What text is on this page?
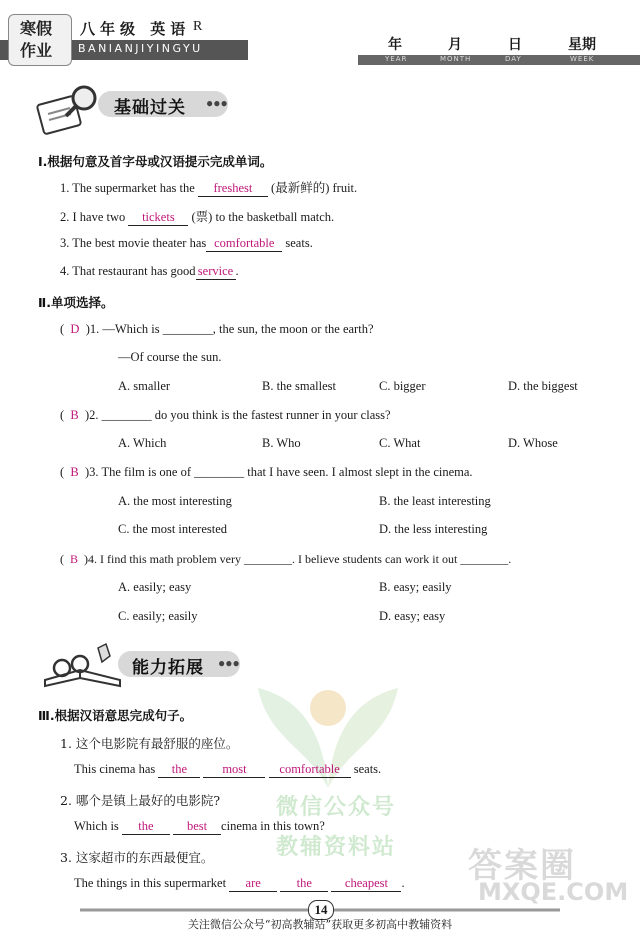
寒假
作业
八年级 英语 R
BANIANJIYINGYU	年	月	日	星期
YEAR	MONTH	DAY	WEEK
基础过关 ●●●
Ⅰ.根据句意及首字母或汉语提示完成单词。
1. The supermarket has the freshest (最新鲜的) fruit.
2. I have two tickets (票) to the basketball match.
3. The best movie theater has comfortable seats.
4. That restaurant has good service .
Ⅱ.单项选择。
(  D )1. —Which is ________, the sun, the moon or the earth?
—Of course the sun.
A. smaller	B. the smallest	C. bigger	D. the biggest
(  B )2. ________ do you think is the fastest runner in your class?
A. Which	B. Who	C. What	D. Whose
(  B )3. The film is one of ________ that I have seen. I almost slept in the cinema.
A. the most interesting	B. the least interesting
C. the most interested	D. the less interesting
(  B )4. I find this math problem very ________. I believe students can work it out ________.
A. easily; easy	B. easy; easily
C. easily; easily	D. easy; easy
能力拓展 ●●●
Ⅲ.根据汉语意思完成句子。
1. 这个电影院有最舒服的座位。
This cinema has the	most	comfortable seats.
微信公众号
2. 哪个是镇上最好的电影院?
Which is the	best cinema in this town?
教辅资料站
3. 这家超市的东西最便宜。
The things in this supermarket are	the	cheapest . 答案圈
MXQE.COM
14
关注微信公众号“初高教辅站”获取更多初高中教辅资料
